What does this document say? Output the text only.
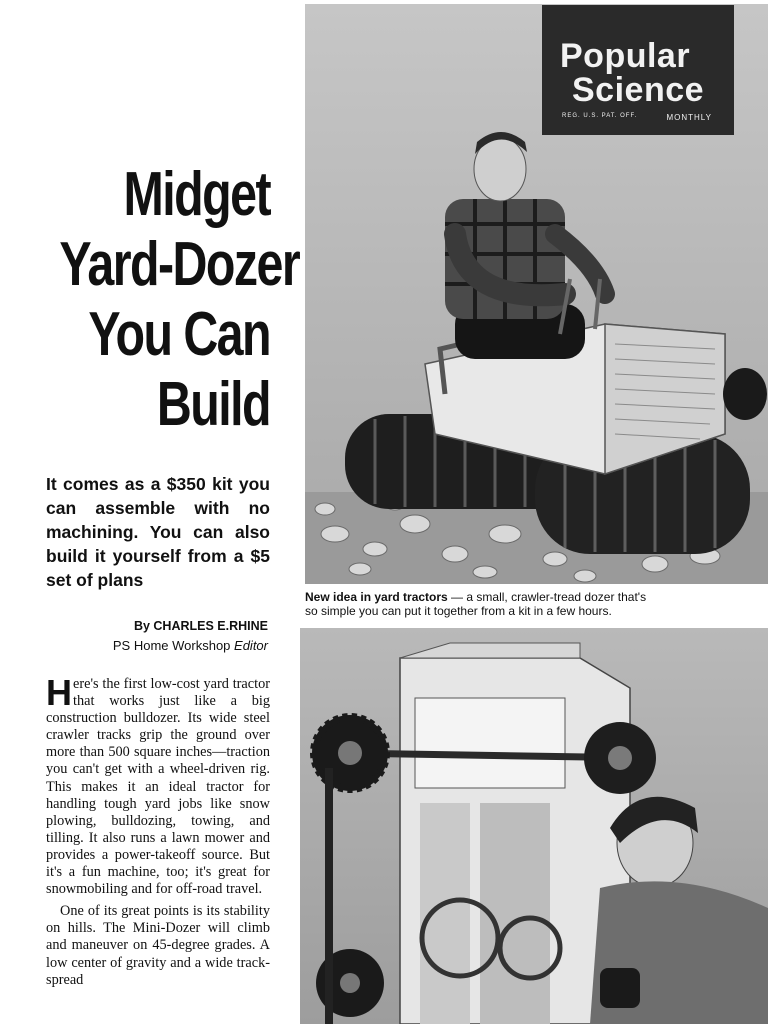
Midget
Yard-Dozer
You Can
Build
It comes as a $350 kit you can assemble with no machining. You can also build it yourself from a $5 set of plans
By CHARLES E.RHINE
PS Home Workshop Editor

Here's the first low-cost yard tractor that works just like a big construction bulldozer. Its wide steel crawler tracks grip the ground over more than 500 square inches—traction you can't get with a wheel-driven rig. This makes it an ideal tractor for handling tough yard jobs like snow plowing, bulldozing, towing, and tilling. It also runs a lawn mower and provides a power-takeoff source. But it's a fun machine, too; it's great for snowmobiling and for off-road travel.

One of its great points is its stability on hills. The Mini-Dozer will climb and maneuver on 45-degree grades. A low center of gravity and a wide track-spread

Popular
Science
REG. U.S. PAT. OFF.	MONTHLY
New idea in yard tractors — a small, crawler-tread dozer that's
so simple you can put it together from a kit in a few hours.
